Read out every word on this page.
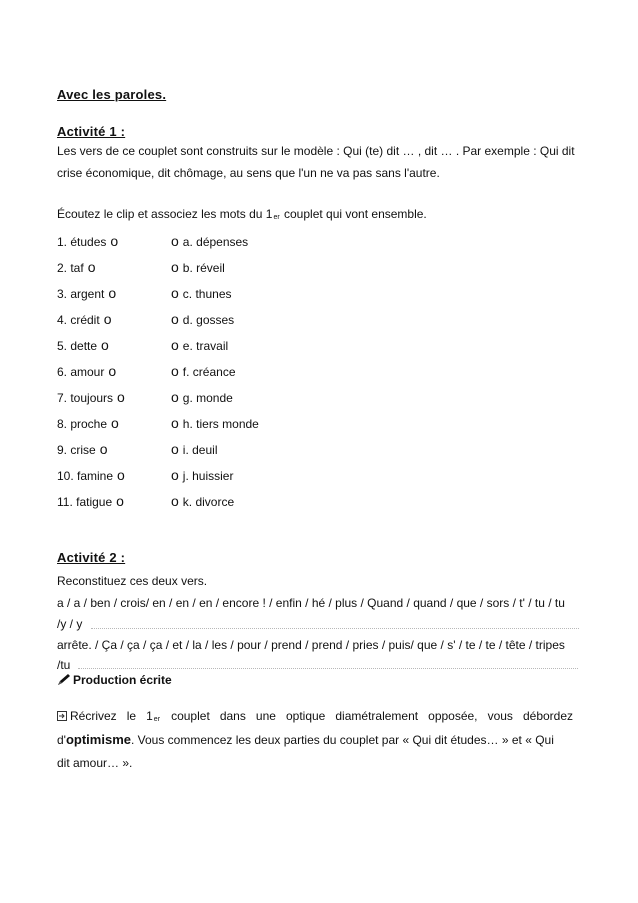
Avec les paroles.
Activité 1 :
Les vers de ce couplet sont construits sur le modèle : Qui (te) dit … , dit … . Par exemple : Qui dit
crise économique, dit chômage, au sens que l'un ne va pas sans l'autre.
Écoutez le clip et associez les mots du 1er couplet qui vont ensemble.
1. études o	o a. dépenses
2. taf o	o b. réveil
3. argent o	o c. thunes
4. crédit o	o d. gosses
5. dette o	o e. travail
6. amour o	o f. créance
7. toujours o	o g. monde
8. proche o	o h. tiers monde
9. crise o	o i. deuil
10. famine o	o j. huissier
11. fatigue o	o k. divorce
Activité 2 :
Reconstituez ces deux vers.
a / a / ben / crois/ en / en / en / encore ! / enfin / hé / plus / Quand / quand / que / sors / t' / tu / tu
/y / y
arrête. / Ça / ça / ça / et / la / les / pour / prend / prend / pries / puis/ que / s' / te / te / tête / tripes
/tu
Production écrite
Récrivez le 1er couplet dans une optique diamétralement opposée, vous débordez
d'optimisme. Vous commencez les deux parties du couplet par « Qui dit études… » et « Qui
dit amour… ».
